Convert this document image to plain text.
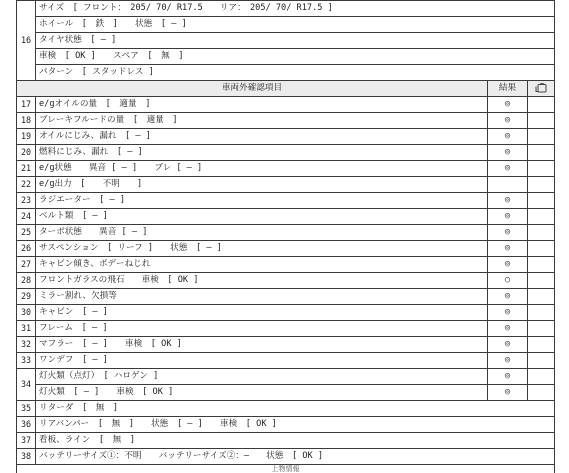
16	サイズ　[ フロント：　205/ 70/ R17.5　　リア：　205/ 70/ R17.5 ]		
	ホイール　[　鉄　]　　状態　[ — ]		
	タイヤ状態　[ — ]		
	車検　[ OK ]　　スペア　[　無　]		
	パターン　[ スタッドレス ]		
車両外確認項目		結果	
17	e/gオイルの量　[　適量　]	◎	
18	ブレーキフルードの量　[　適量　]	◎	
19	オイルにじみ、漏れ　[ — ]	◎	
20	燃料にじみ、漏れ　[ — ]	◎	
21	e/g状態　　異音 [ — ]　　ブレ [ — ]	◎	
22	e/g出力　[　　不明　　]		
23	ラジエーター　[ — ]	◎	
24	ベルト類　[ — ]	◎	
25	ターボ状態　　異音 [ — ]	◎	
26	サスペンション　[ リーフ ]　　状態　[ — ]	◎	
27	キャビン傾き、ボデーねじれ	◎	
28	フロントガラスの飛石　　車検　[ OK ]	○	
29	ミラー割れ、欠損等	◎	
30	キャビン　[ — ]	◎	
31	フレーム　[ — ]	◎	
32	マフラー　[ — ]　　車検　[ OK ]	◎	
33	ワンデフ　[ — ]	◎	
34	灯火類（点灯）　[ ハロゲン ]	◎	
	灯火類　[ — ]　　車検　[ OK ]	◎	
35	リターダ　[　無　]		
36	リアバンパー　[　無　]　　状態　[ — ]　　車検　[ OK ]		
37	看板、ライン　[　無　]		
38	バッテリーサイズ①：不明　　バッテリーサイズ②：—　　状態　[ OK ]		
上物情報			
